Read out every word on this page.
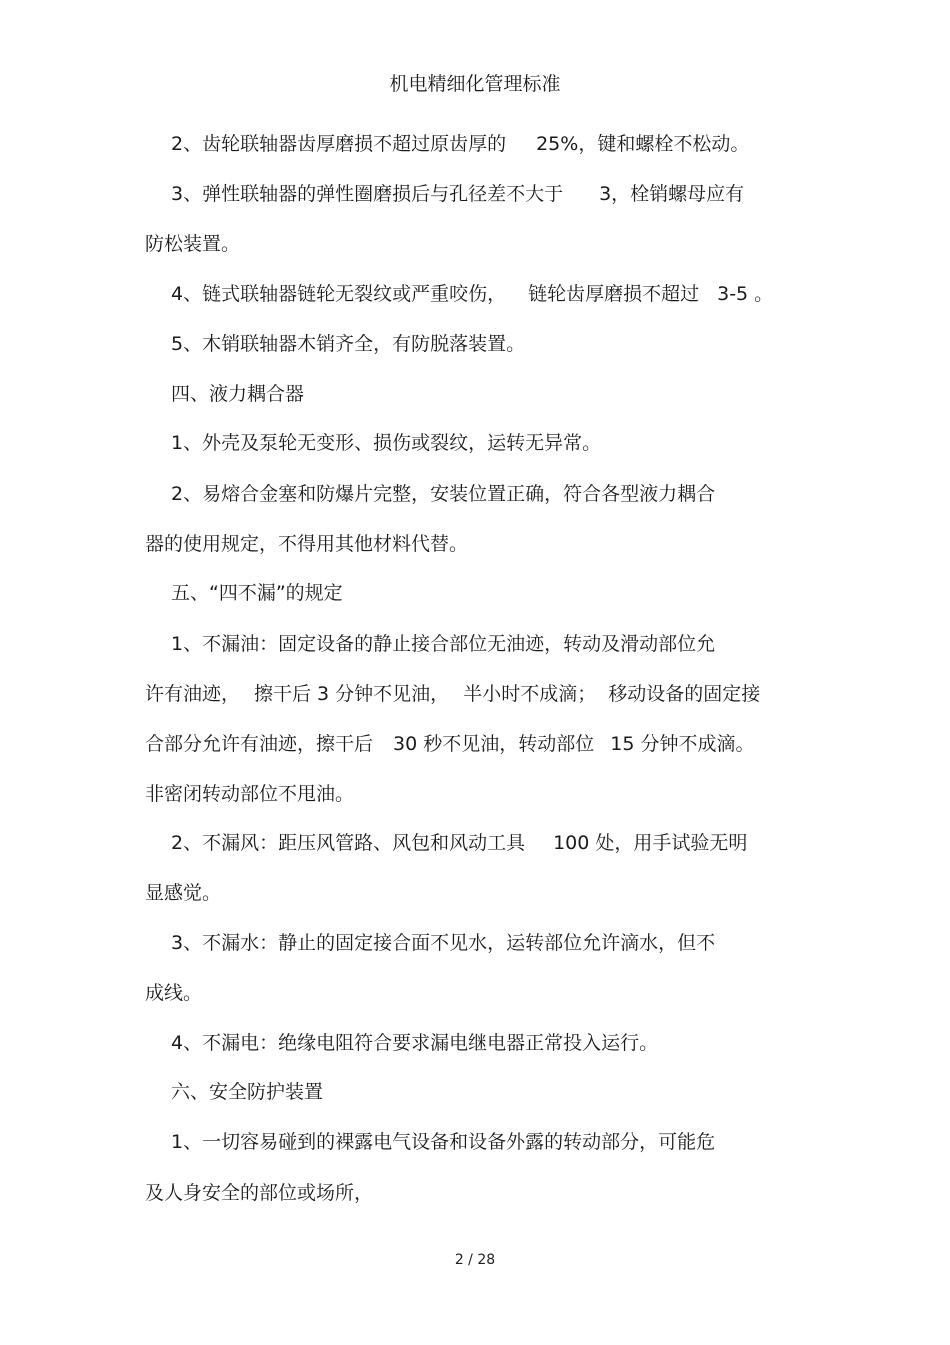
机电精细化管理标准
2、齿轮联轴器齿厚磨损不超过原齿厚的 25%，键和螺栓不松动。
3、弹性联轴器的弹性圈磨损后与孔径差不大于 3，栓销螺母应有
防松装置。
4、链式联轴器链轮无裂纹或严重咬伤， 链轮齿厚磨损不超过 3-5 。
5、木销联轴器木销齐全，有防脱落装置。
四、液力耦合器
1、外壳及泵轮无变形、损伤或裂纹，运转无异常。
2、易熔合金塞和防爆片完整，安装位置正确，符合各型液力耦合
器的使用规定，不得用其他材料代替。
五、“四不漏”的规定
1、不漏油：固定设备的静止接合部位无油迹，转动及滑动部位允
许有油迹， 擦干后 3 分钟不见油， 半小时不成滴； 移动设备的固定接
合部分允许有油迹，擦干后 30 秒不见油，转动部位 15 分钟不成滴。
非密闭转动部位不甩油。
2、不漏风：距压风管路、风包和风动工具 100 处，用手试验无明
显感觉。
3、不漏水：静止的固定接合面不见水，运转部位允许滴水，但不
成线。
4、不漏电：绝缘电阻符合要求漏电继电器正常投入运行。
六、安全防护装置
1、一切容易碰到的裸露电气设备和设备外露的转动部分，可能危
及人身安全的部位或场所，
2 / 28
